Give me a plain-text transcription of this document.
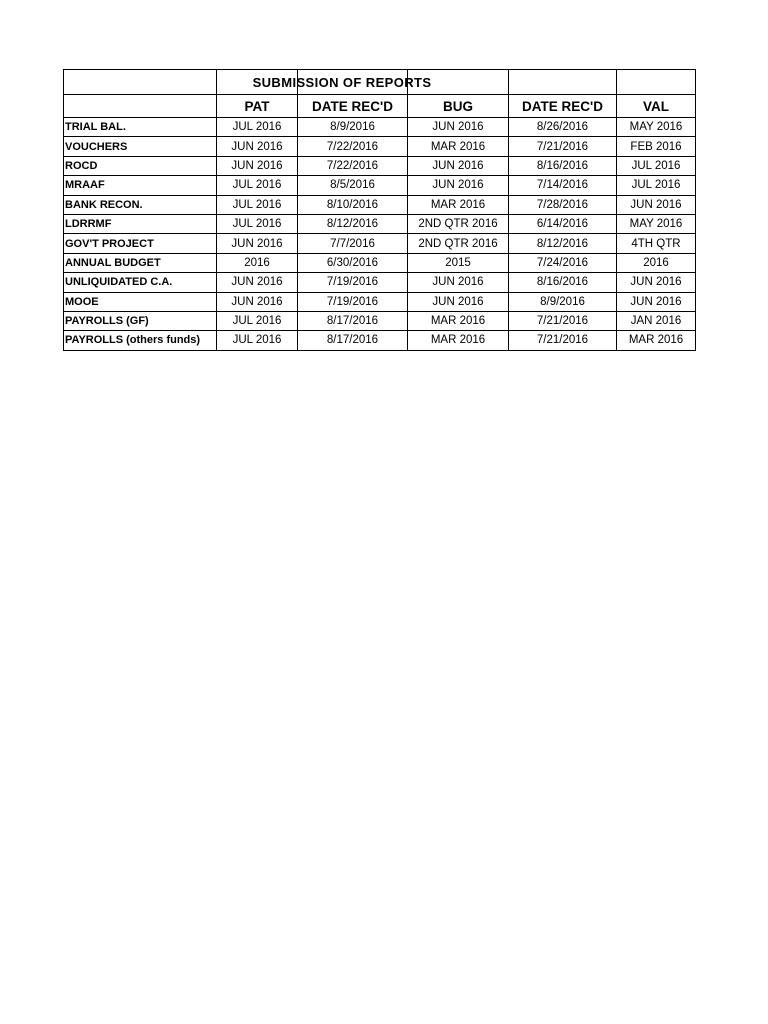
SUBMISSION OF REPORTS				

	PAT	DATE REC'D	BUG	DATE REC'D	VAL
TRIAL BAL.	JUL 2016	8/9/2016	JUN 2016	8/26/2016	MAY 2016
VOUCHERS	JUN 2016	7/22/2016	MAR 2016	7/21/2016	FEB 2016
ROCD	JUN 2016	7/22/2016	JUN 2016	8/16/2016	JUL 2016
MRAAF	JUL 2016	8/5/2016	JUN 2016	7/14/2016	JUL 2016
BANK RECON.	JUL 2016	8/10/2016	MAR 2016	7/28/2016	JUN 2016
LDRRMF	JUL 2016	8/12/2016	2ND QTR 2016	6/14/2016	MAY 2016
GOV'T PROJECT	JUN 2016	7/7/2016	2ND QTR 2016	8/12/2016	4TH QTR
ANNUAL BUDGET	2016	6/30/2016	2015	7/24/2016	2016
UNLIQUIDATED C.A.	JUN 2016	7/19/2016	JUN 2016	8/16/2016	JUN 2016
MOOE	JUN 2016	7/19/2016	JUN 2016	8/9/2016	JUN 2016
PAYROLLS (GF)	JUL 2016	8/17/2016	MAR 2016	7/21/2016	JAN 2016
PAYROLLS (others funds)	JUL 2016	8/17/2016	MAR 2016	7/21/2016	MAR 2016
